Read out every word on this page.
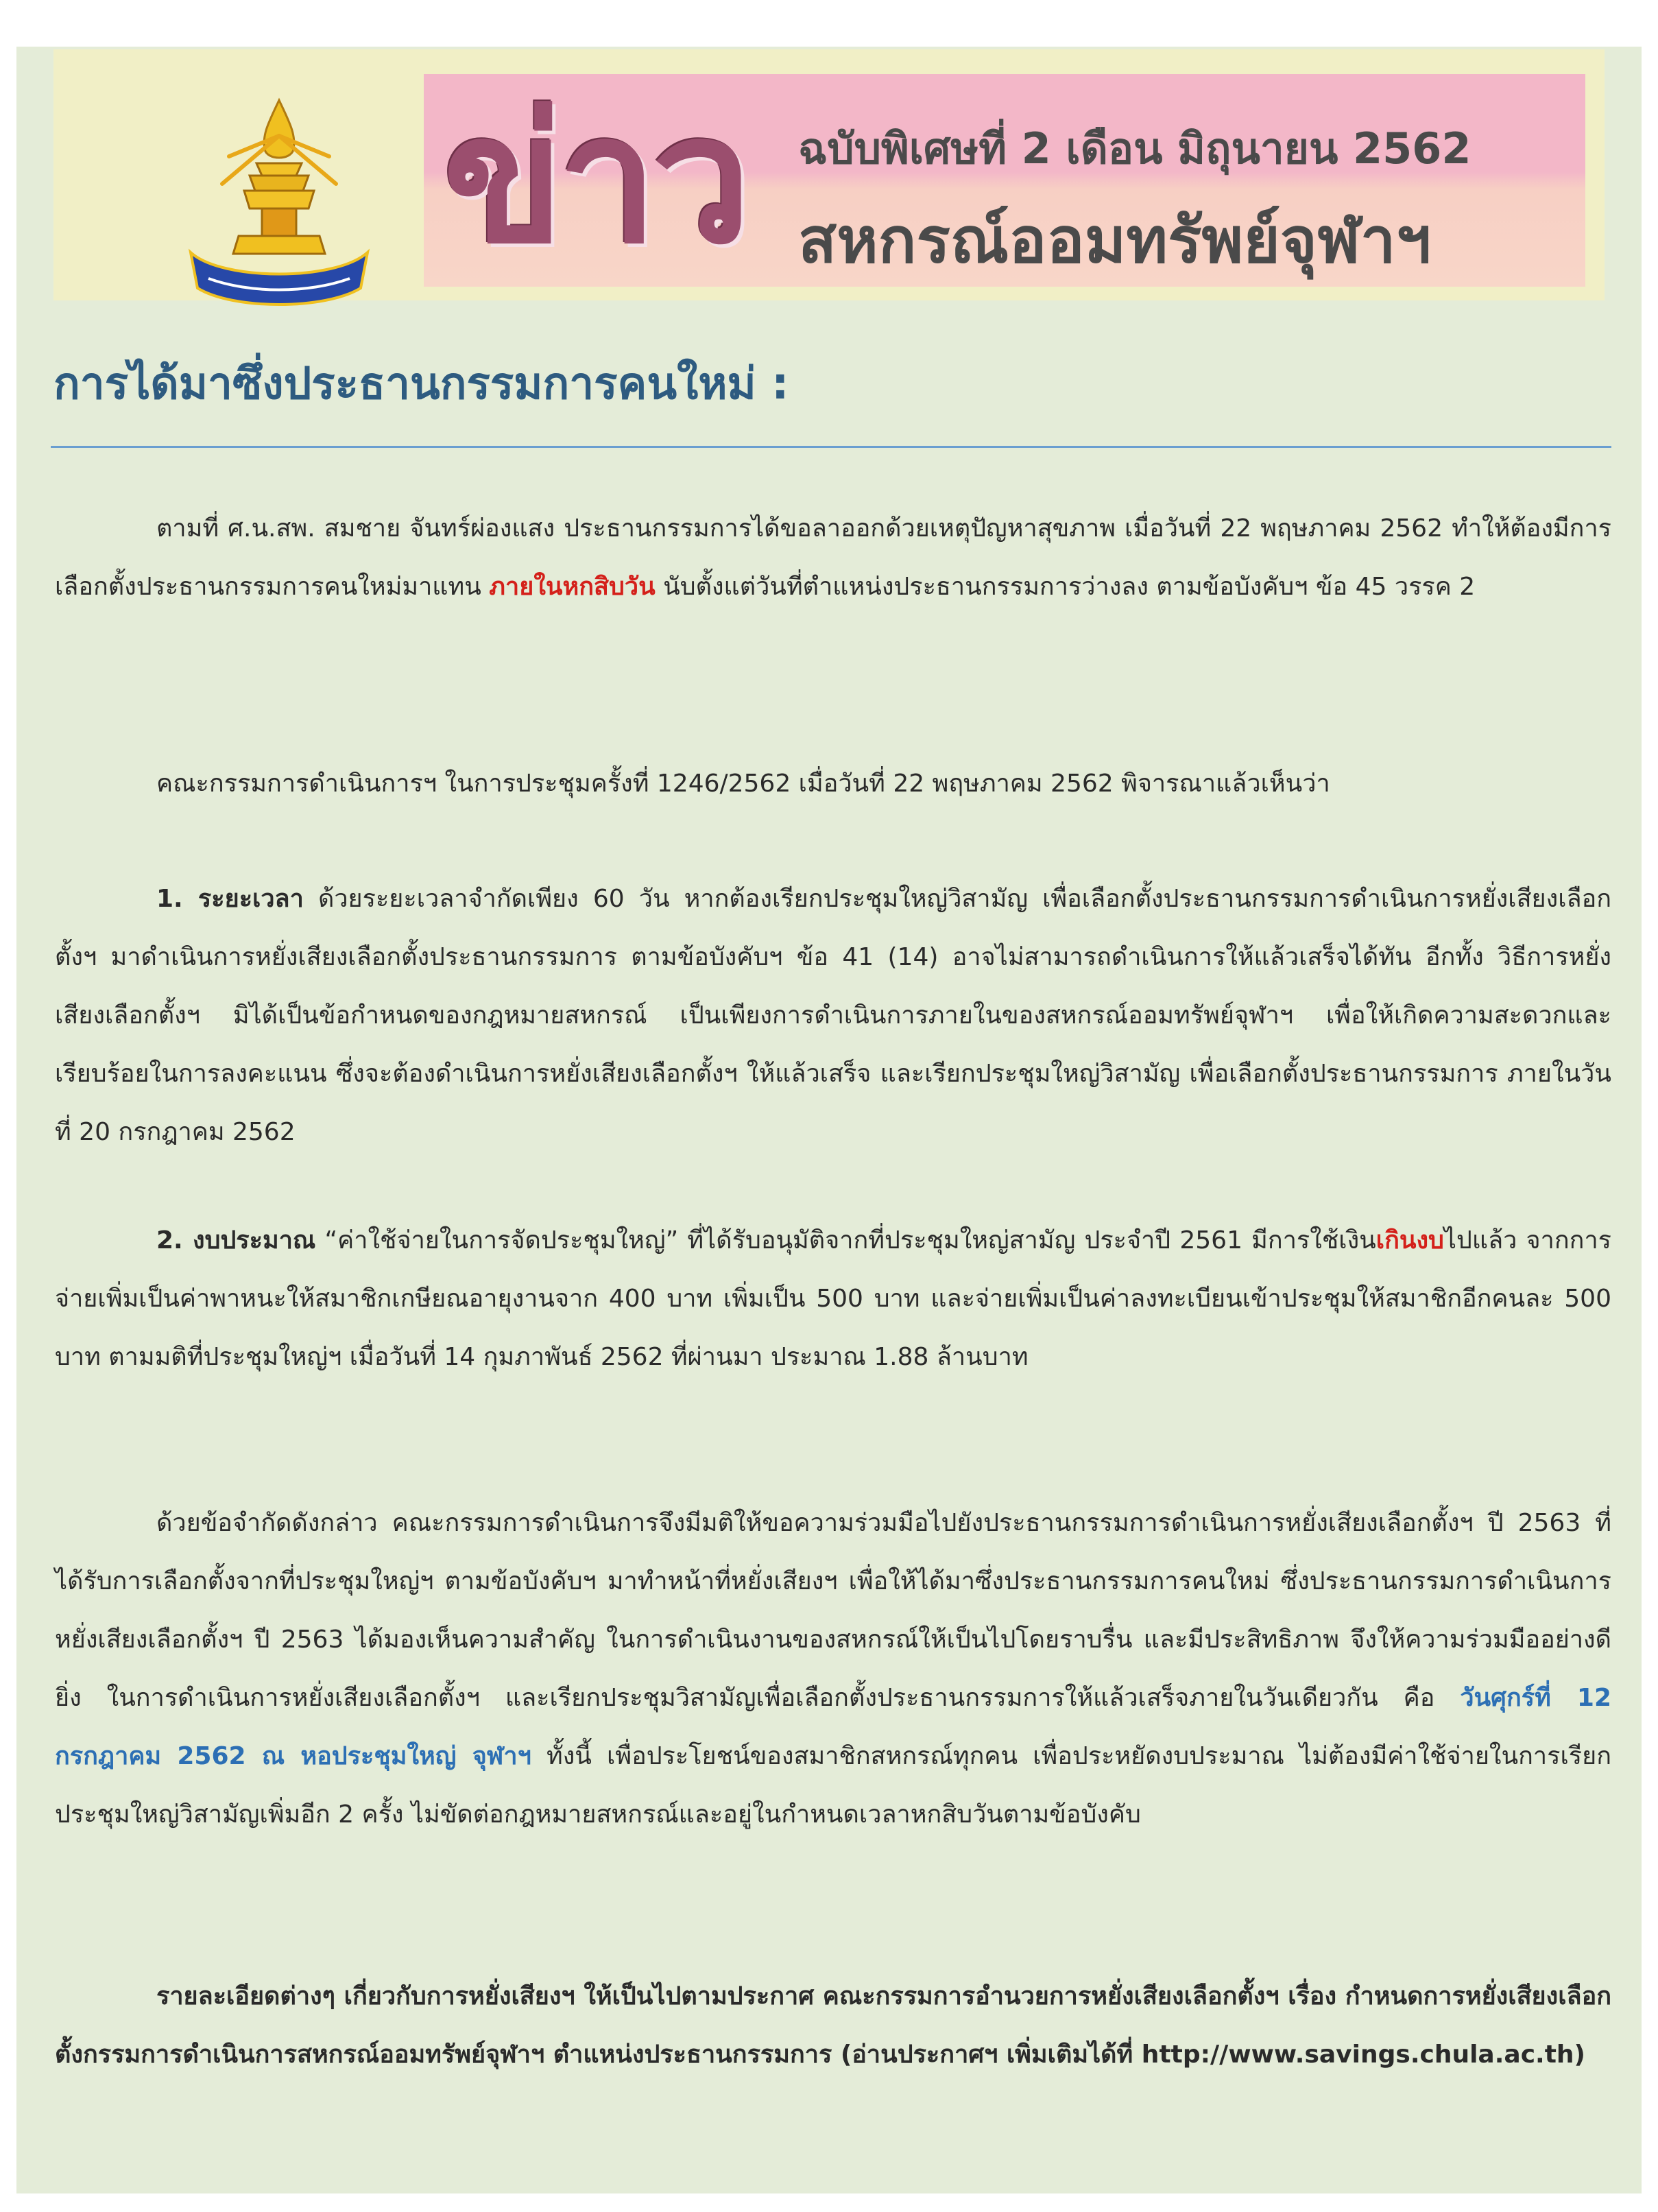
ข่าว ฉบับพิเศษที่ 2 เดือน มิถุนายน 2562
สหกรณ์ออมทรัพย์จุฬาฯ
การได้มาซึ่งประธานกรรมการคนใหม่ :
ตามที่ ศ.น.สพ. สมชาย จันทร์ผ่องแสง ประธานกรรมการได้ขอลาออกด้วยเหตุปัญหาสุขภาพ เมื่อวันที่ 22 พฤษภาคม 2562 ทำให้ต้องมีการเลือกตั้งประธานกรรมการคนใหม่มาแทน ภายในหกสิบวัน นับตั้งแต่วันที่ตำแหน่งประธานกรรมการว่างลง ตามข้อบังคับฯ ข้อ 45 วรรค 2
คณะกรรมการดำเนินการฯ ในการประชุมครั้งที่ 1246/2562 เมื่อวันที่ 22 พฤษภาคม 2562 พิจารณาแล้วเห็นว่า
1. ระยะเวลา ด้วยระยะเวลาจำกัดเพียง 60 วัน หากต้องเรียกประชุมใหญ่วิสามัญ เพื่อเลือกตั้งประธานกรรมการดำเนินการหยั่งเสียงเลือกตั้งฯ มาดำเนินการหยั่งเสียงเลือกตั้งประธานกรรมการ ตามข้อบังคับฯ ข้อ 41 (14) อาจไม่สามารถดำเนินการให้แล้วเสร็จได้ทัน อีกทั้ง วิธีการหยั่งเสียงเลือกตั้งฯ มิได้เป็นข้อกำหนดของกฎหมายสหกรณ์ เป็นเพียงการดำเนินการภายในของสหกรณ์ออมทรัพย์จุฬาฯ เพื่อให้เกิดความสะดวกและเรียบร้อยในการลงคะแนน ซึ่งจะต้องดำเนินการหยั่งเสียงเลือกตั้งฯ ให้แล้วเสร็จ และเรียกประชุมใหญ่วิสามัญ เพื่อเลือกตั้งประธานกรรมการ ภายในวันที่ 20 กรกฎาคม 2562
2. งบประมาณ “ค่าใช้จ่ายในการจัดประชุมใหญ่” ที่ได้รับอนุมัติจากที่ประชุมใหญ่สามัญ ประจำปี 2561 มีการใช้เงินเกินงบไปแล้ว จากการจ่ายเพิ่มเป็นค่าพาหนะให้สมาชิกเกษียณอายุงานจาก 400 บาท เพิ่มเป็น 500 บาท และจ่ายเพิ่มเป็นค่าลงทะเบียนเข้าประชุมให้สมาชิกอีกคนละ 500 บาท ตามมติที่ประชุมใหญ่ฯ เมื่อวันที่ 14 กุมภาพันธ์ 2562 ที่ผ่านมา ประมาณ 1.88 ล้านบาท
ด้วยข้อจำกัดดังกล่าว คณะกรรมการดำเนินการจึงมีมติให้ขอความร่วมมือไปยังประธานกรรมการดำเนินการหยั่งเสียงเลือกตั้งฯ ปี 2563 ที่ได้รับการเลือกตั้งจากที่ประชุมใหญ่ฯ ตามข้อบังคับฯ มาทำหน้าที่หยั่งเสียงฯ เพื่อให้ได้มาซึ่งประธานกรรมการคนใหม่ ซึ่งประธานกรรมการดำเนินการหยั่งเสียงเลือกตั้งฯ ปี 2563 ได้มองเห็นความสำคัญ ในการดำเนินงานของสหกรณ์ให้เป็นไปโดยราบรื่น และมีประสิทธิภาพ จึงให้ความร่วมมืออย่างดียิ่ง ในการดำเนินการหยั่งเสียงเลือกตั้งฯ และเรียกประชุมวิสามัญเพื่อเลือกตั้งประธานกรรมการให้แล้วเสร็จภายในวันเดียวกัน คือ วันศุกร์ที่ 12 กรกฎาคม 2562 ณ หอประชุมใหญ่ จุฬาฯ ทั้งนี้ เพื่อประโยชน์ของสมาชิกสหกรณ์ทุกคน เพื่อประหยัดงบประมาณ ไม่ต้องมีค่าใช้จ่ายในการเรียกประชุมใหญ่วิสามัญเพิ่มอีก 2 ครั้ง ไม่ขัดต่อกฎหมายสหกรณ์และอยู่ในกำหนดเวลาหกสิบวันตามข้อบังคับ
รายละเอียดต่างๆ เกี่ยวกับการหยั่งเสียงฯ ให้เป็นไปตามประกาศ คณะกรรมการอำนวยการหยั่งเสียงเลือกตั้งฯ เรื่อง กำหนดการหยั่งเสียงเลือกตั้งกรรมการดำเนินการสหกรณ์ออมทรัพย์จุฬาฯ ตำแหน่งประธานกรรมการ (อ่านประกาศฯ เพิ่มเติมได้ที่ http://www.savings.chula.ac.th)
